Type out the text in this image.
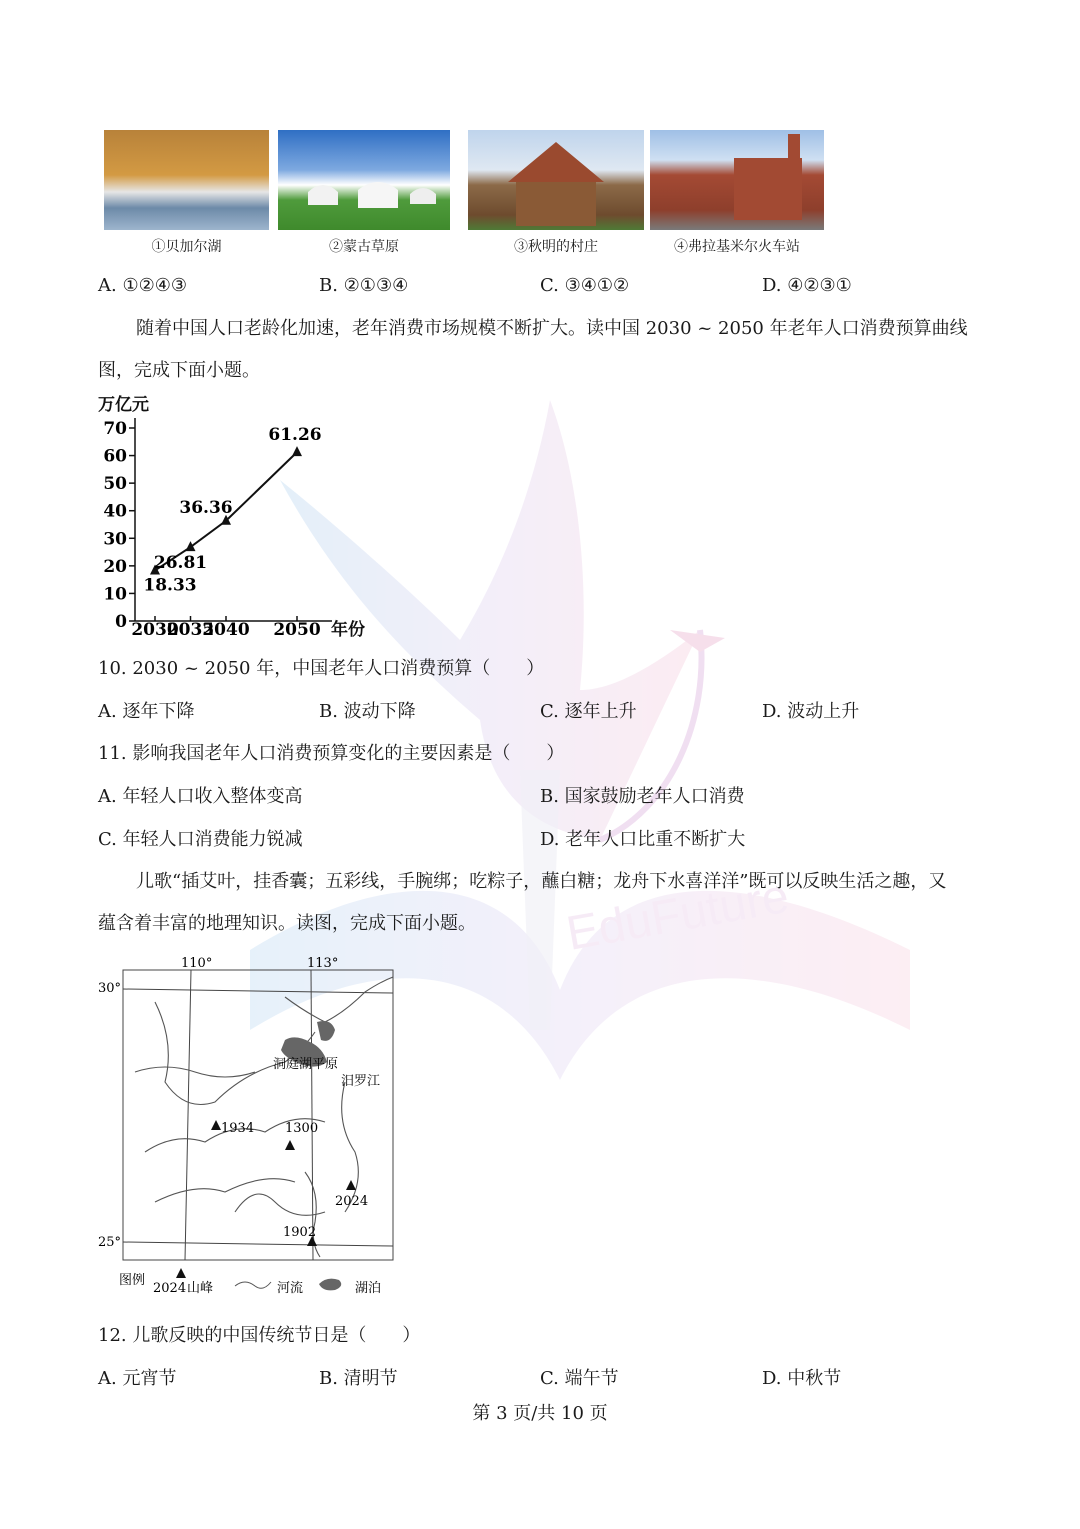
EduFuture
①贝加尔湖	②蒙古草原	③秋明的村庄	④弗拉基米尔火车站
A. ①②④③	B. ②①③④	C. ③④①②	D. ④②③①
随着中国人口老龄化加速，老年消费市场规模不断扩大。读中国 2030 ~ 2050 年老年人口消费预算曲线
图，完成下面小题。
万亿元
0
10
20
30
40
50
60
70
2030
2035
2040 2050
18.33
26.81
36.36
61.26
年份
10. 2030 ~ 2050 年，中国老年人口消费预算（　　）
A. 逐年下降	B. 波动下降	C. 逐年上升	D. 波动上升
11. 影响我国老年人口消费预算变化的主要因素是（　　）
A. 年轻人口收入整体变高	B. 国家鼓励老年人口消费
C. 年轻人口消费能力锐减	D. 老年人口比重不断扩大
儿歌“插艾叶，挂香囊；五彩线，手腕绑；吃粽子，蘸白糖；龙舟下水喜洋洋”既可以反映生活之趣，又
蕴含着丰富的地理知识。读图，完成下面小题。
110°	113°
30°
25°
洞庭湖平原
汨罗江
1934 1300
2024
1902
图例
2024 山峰	河流	湖泊
12. 儿歌反映的中国传统节日是（　　）
A. 元宵节	B. 清明节	C. 端午节	D. 中秋节
第 3 页/共 10 页
